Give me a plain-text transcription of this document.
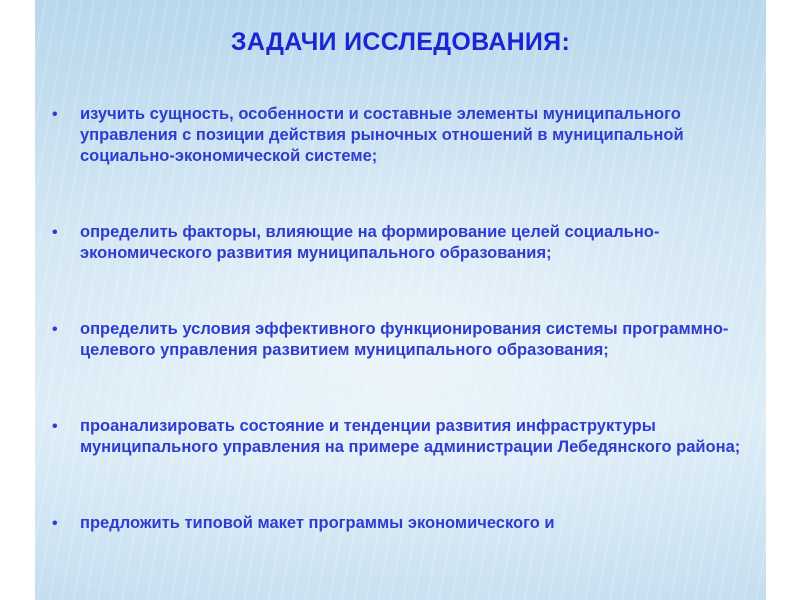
ЗАДАЧИ ИССЛЕДОВАНИЯ:
• изучить сущность, особенности и составные элементы муниципального управления с позиции действия рыночных отношений в муниципальной социально-экономической системе;
• определить факторы, влияющие на формирование целей социально-экономического развития муниципального образования;
• определить условия эффективного функционирования системы программно-целевого управления развитием муниципального образования;
• проанализировать состояние и тенденции развития инфраструктуры муниципального управления на примере администрации Лебедянского района;
• предложить типовой макет программы экономического и
